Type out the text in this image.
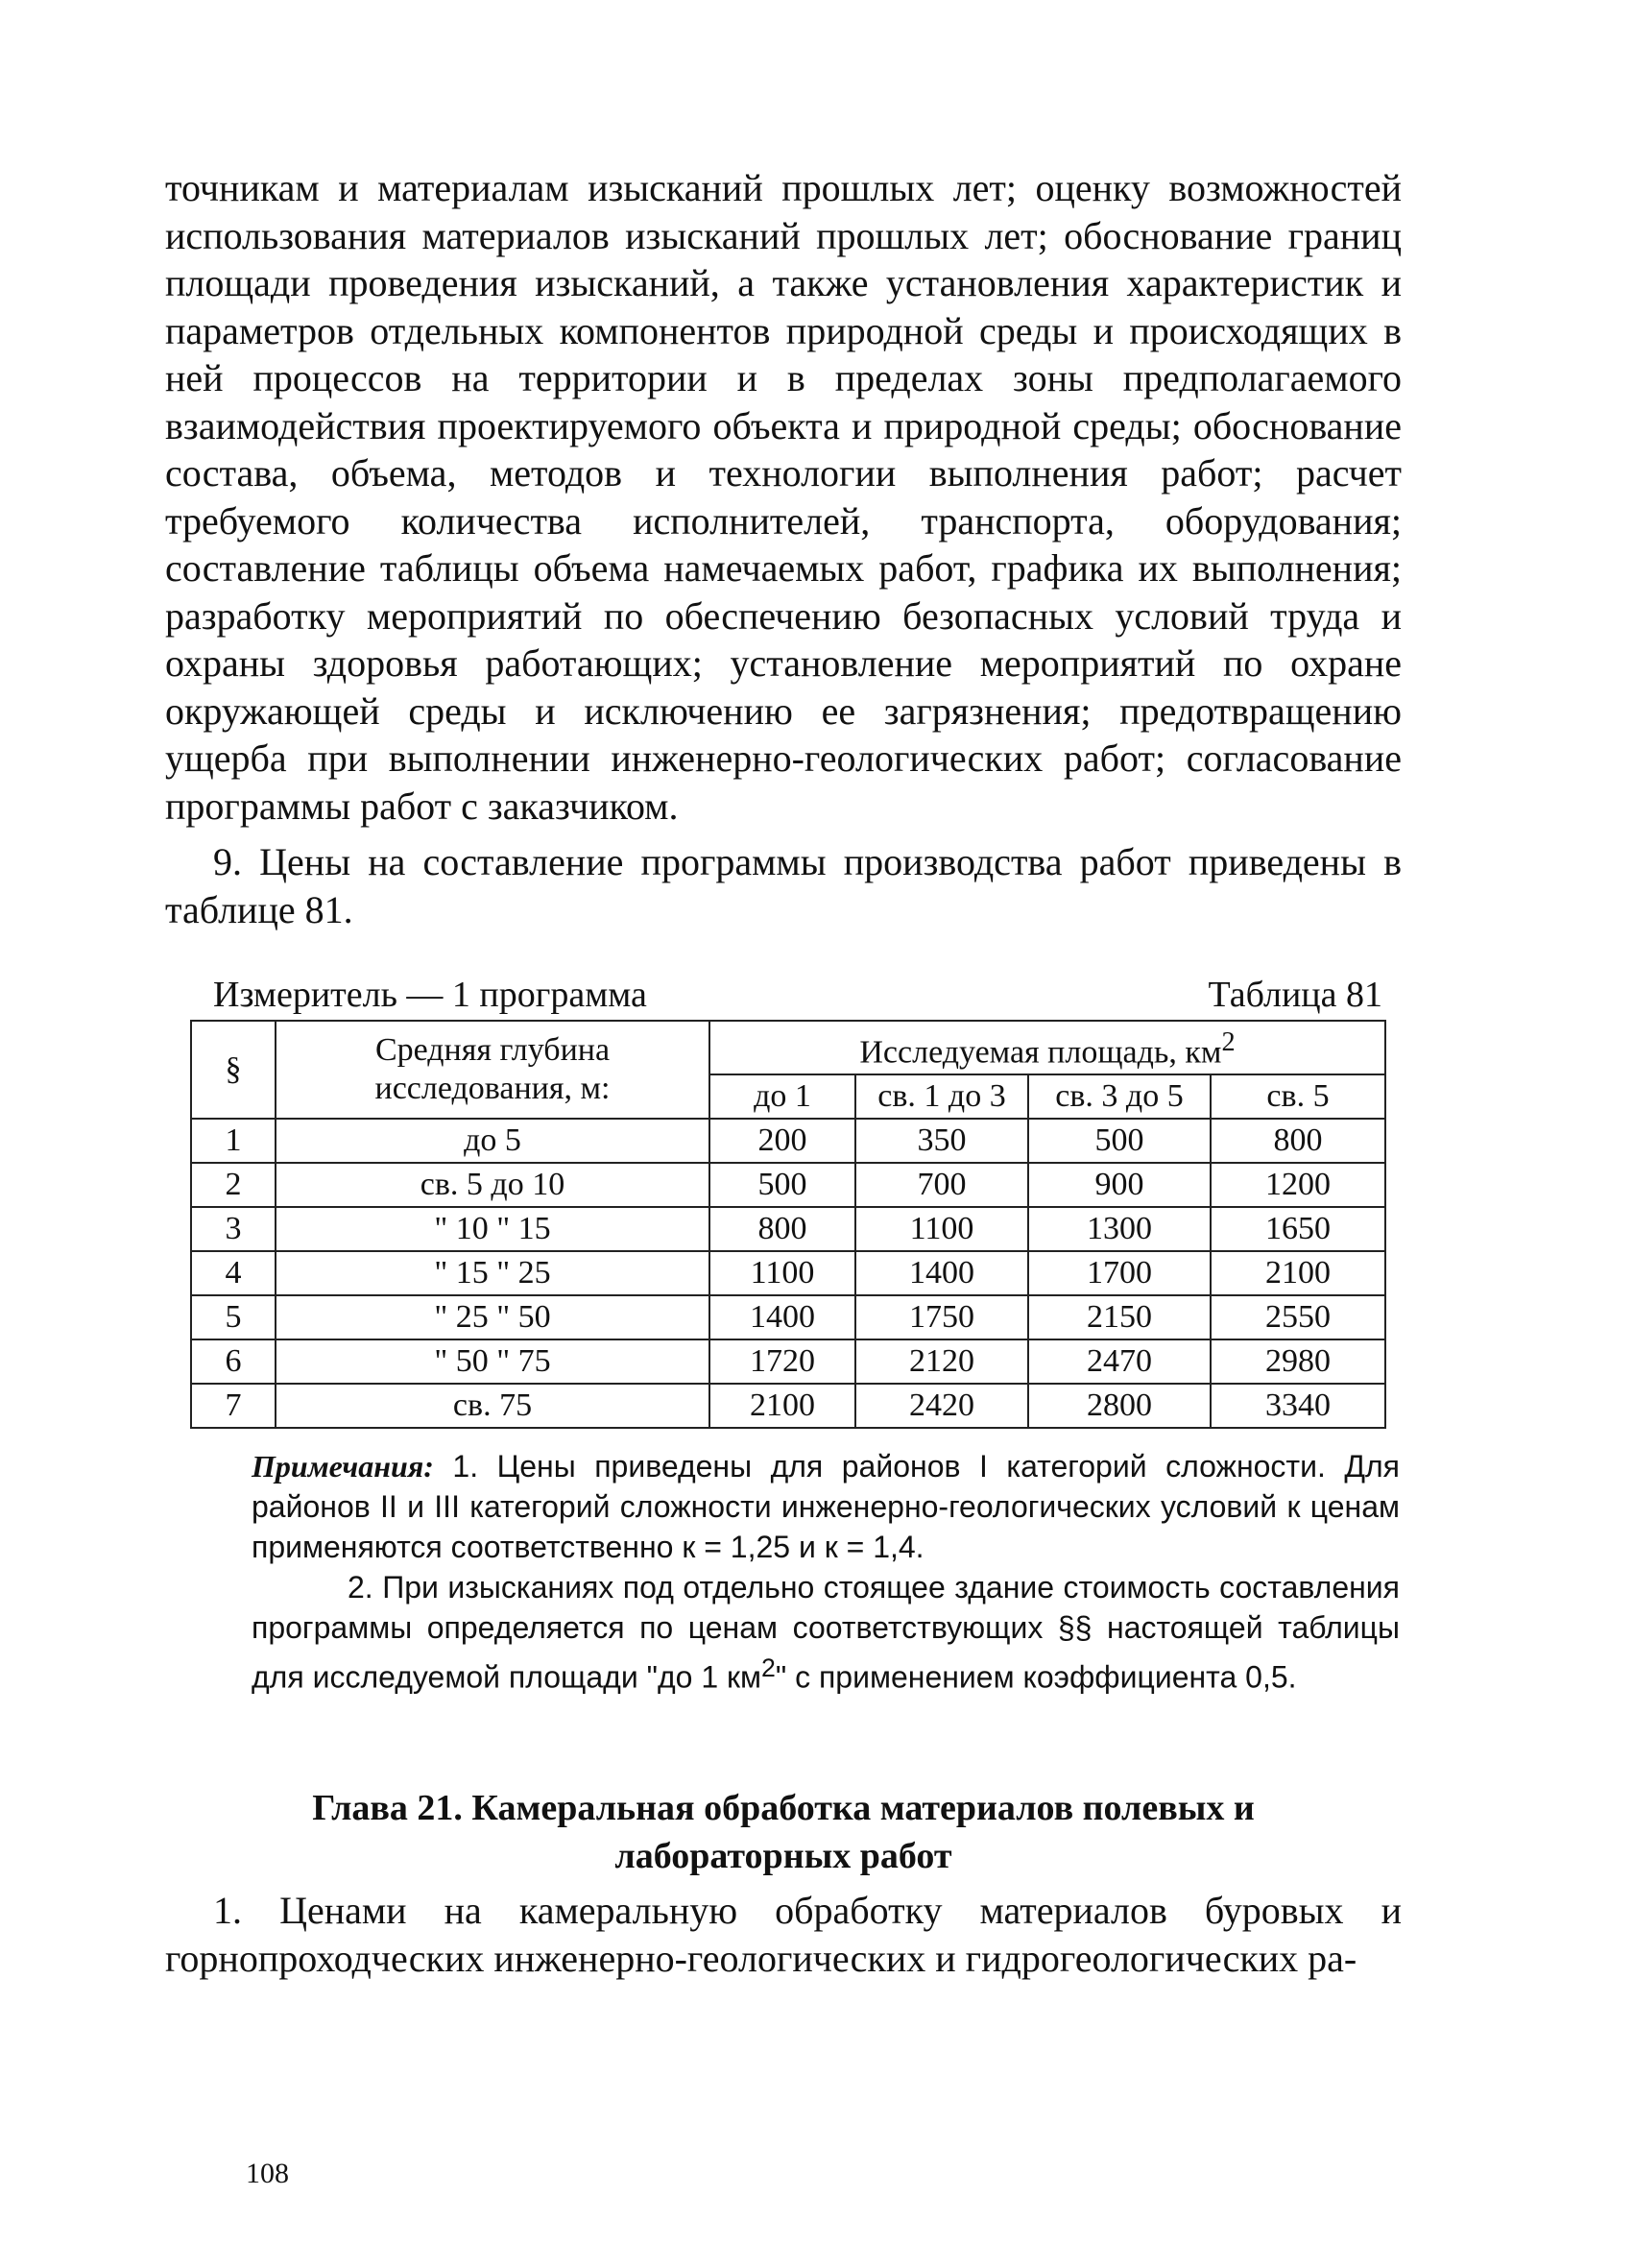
точникам и материалам изысканий прошлых лет; оценку возможностей использования материалов изысканий прошлых лет; обоснование границ площади проведения изысканий, а также установления характеристик и параметров отдельных компонентов природной среды и происходящих в ней процессов на территории и в пределах зоны предполагаемого взаимодействия проектируемого объекта и природной среды; обоснование состава, объема, методов и технологии выполнения работ; расчет требуемого количества исполнителей, транспорта, оборудования; составление таблицы объема намечаемых работ, графика их выполнения; разработку мероприятий по обеспечению безопасных условий труда и охраны здоровья работающих; установление мероприятий по охране окружающей среды и исключению ее загрязнения; предотвращению ущерба при выполнении инженерно-геологических работ; согласование программы работ с заказчиком.

9. Цены на составление программы производства работ приведены в таблице 81.

Измеритель — 1 программа	Таблица 81
§	Средняя глубина исследования, м:	Исследуемая площадь, $км^2$
		до 1	св. 1 до 3	св. 3 до 5	св. 5
1	до 5	200	350	500	800
2	св. 5 до 10	500	700	900	1200
3	" 10 " 15	800	1100	1300	1650
4	" 15 " 25	1100	1400	1700	2100
5	" 25 " 50	1400	1750	2150	2550
6	" 50 " 75	1720	2120	2470	2980
7	св. 75	2100	2420	2800	3340

Примечания: 1. Цены приведены для районов I категорий сложности. Для районов II и III категорий сложности инженерно-геологических условий к ценам применяются соответственно к = 1,25 и к = 1,4.

2. При изысканиях под отдельно стоящее здание стоимость составления программы определяется по ценам соответствующих §§ настоящей таблицы для исследуемой площади "до 1 $км^2$" с применением коэффициента 0,5.

Глава 21. Камеральная обработка материалов полевых и
лабораторных работ

1. Ценами на камеральную обработку материалов буровых и горнопроходческих инженерно-геологических и гидрогеологических ра-

108
